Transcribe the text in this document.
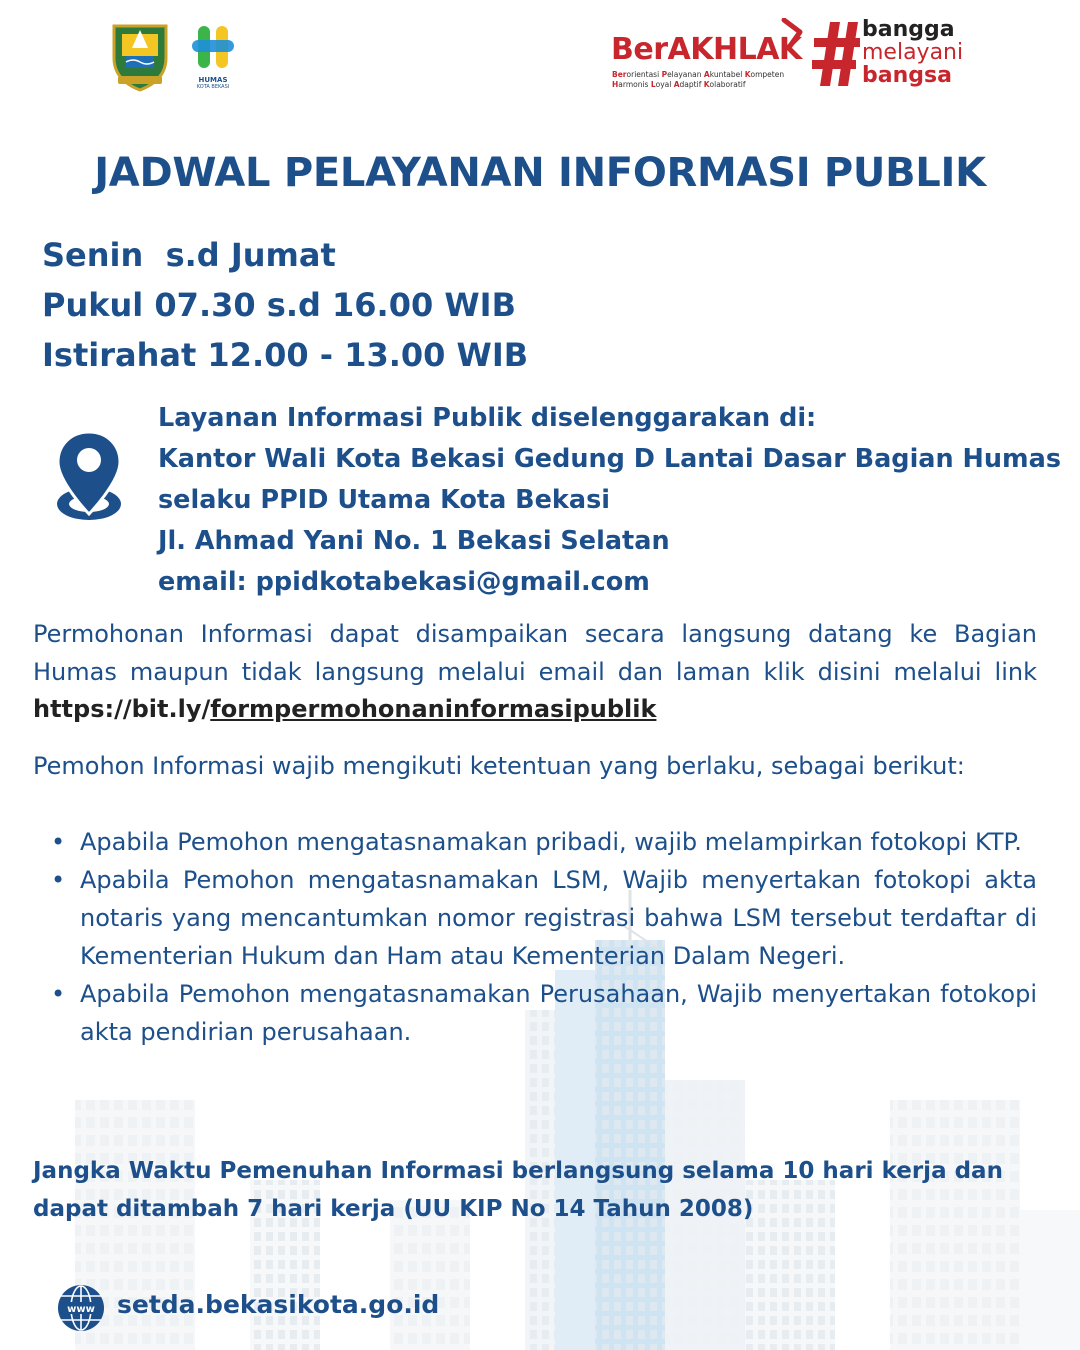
HUMAS
KOTA BEKASI
BerAKHLAK
Berorientasi Pelayanan Akuntabel Kompeten
Harmonis Loyal Adaptif Kolaboratif
bangga
melayani
bangsa
JADWAL PELAYANAN INFORMASI PUBLIK
Senin  s.d Jumat
Pukul 07.30 s.d 16.00 WIB
Istirahat 12.00 - 13.00 WIB
Layanan Informasi Publik diselenggarakan di:
Kantor Wali Kota Bekasi Gedung D Lantai Dasar Bagian Humas
selaku PPID Utama Kota Bekasi
Jl. Ahmad Yani No. 1 Bekasi Selatan
email: ppidkotabekasi@gmail.com

Permohonan Informasi dapat disampaikan secara langsung datang ke Bagian Humas maupun tidak langsung melalui email dan laman klik disini melalui link https://bit.ly/formpermohonaninformasipublik

Pemohon Informasi wajib mengikuti ketentuan yang berlaku, sebagai berikut:

• Apabila Pemohon mengatasnamakan pribadi, wajib melampirkan fotokopi KTP.
• Apabila Pemohon mengatasnamakan LSM, Wajib menyertakan fotokopi akta notaris yang mencantumkan nomor registrasi bahwa LSM tersebut terdaftar di Kementerian Hukum dan Ham atau Kementerian Dalam Negeri.
• Apabila Pemohon mengatasnamakan Perusahaan, Wajib menyertakan fotokopi akta pendirian perusahaan.

Jangka Waktu Pemenuhan Informasi berlangsung selama 10 hari kerja dan dapat ditambah 7 hari kerja (UU KIP No 14 Tahun 2008)

www setda.bekasikota.go.id
